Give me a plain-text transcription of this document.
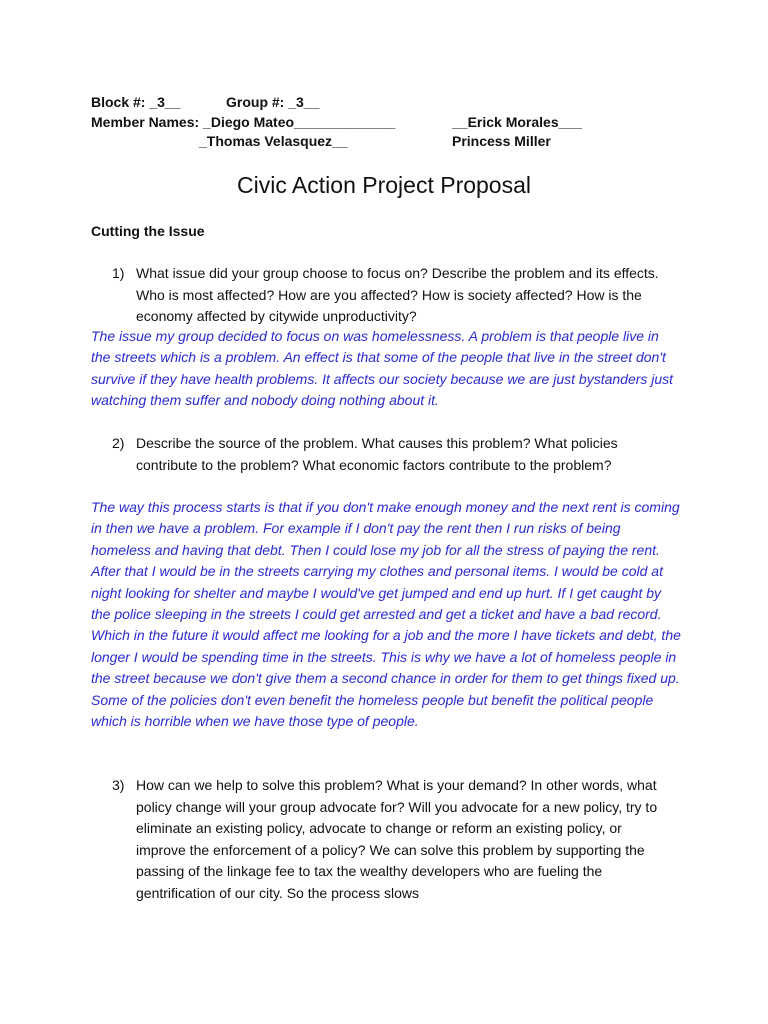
Block #: _3__	Group #: _3__
Member Names: _Diego Mateo_____________	__Erick Morales___
_Thomas Velasquez__	Princess Miller
Civic Action Project Proposal
Cutting the Issue
1) What issue did your group choose to focus on? Describe the problem and its effects. Who is most affected? How are you affected? How is society affected? How is the economy affected by citywide unproductivity?
The issue my group decided to focus on was homelessness. A problem is that people live in the streets which is a problem. An effect is that some of the people that live in the street don't survive if they have health problems. It affects our society because we are just bystanders just watching them suffer and nobody doing nothing about it.
2) Describe the source of the problem. What causes this problem? What policies contribute to the problem? What economic factors contribute to the problem?
The way this process starts is that if you don't make enough money and the next rent is coming in then we have a problem. For example if I don't pay the rent then I run risks of being homeless and having that debt. Then I could lose my job for all the stress of paying the rent. After that I would be in the streets carrying my clothes and personal items. I would be cold at night looking for shelter and maybe I would've get jumped and end up hurt. If I get caught by the police sleeping in the streets I could get arrested and get a ticket and have a bad record. Which in the future it would affect me looking for a job and the more I have tickets and debt, the longer I would be spending time in the streets. This is why we have a lot of homeless people in the street because we don't give them a second chance in order for them to get things fixed up. Some of the policies don't even benefit the homeless people but benefit the political people which is horrible when we have those type of people.
3) How can we help to solve this problem? What is your demand? In other words, what policy change will your group advocate for? Will you advocate for a new policy, try to eliminate an existing policy, advocate to change or reform an existing policy, or improve the enforcement of a policy? We can solve this problem by supporting the passing of the linkage fee to tax the wealthy developers who are fueling the gentrification of our city. So the process slows
